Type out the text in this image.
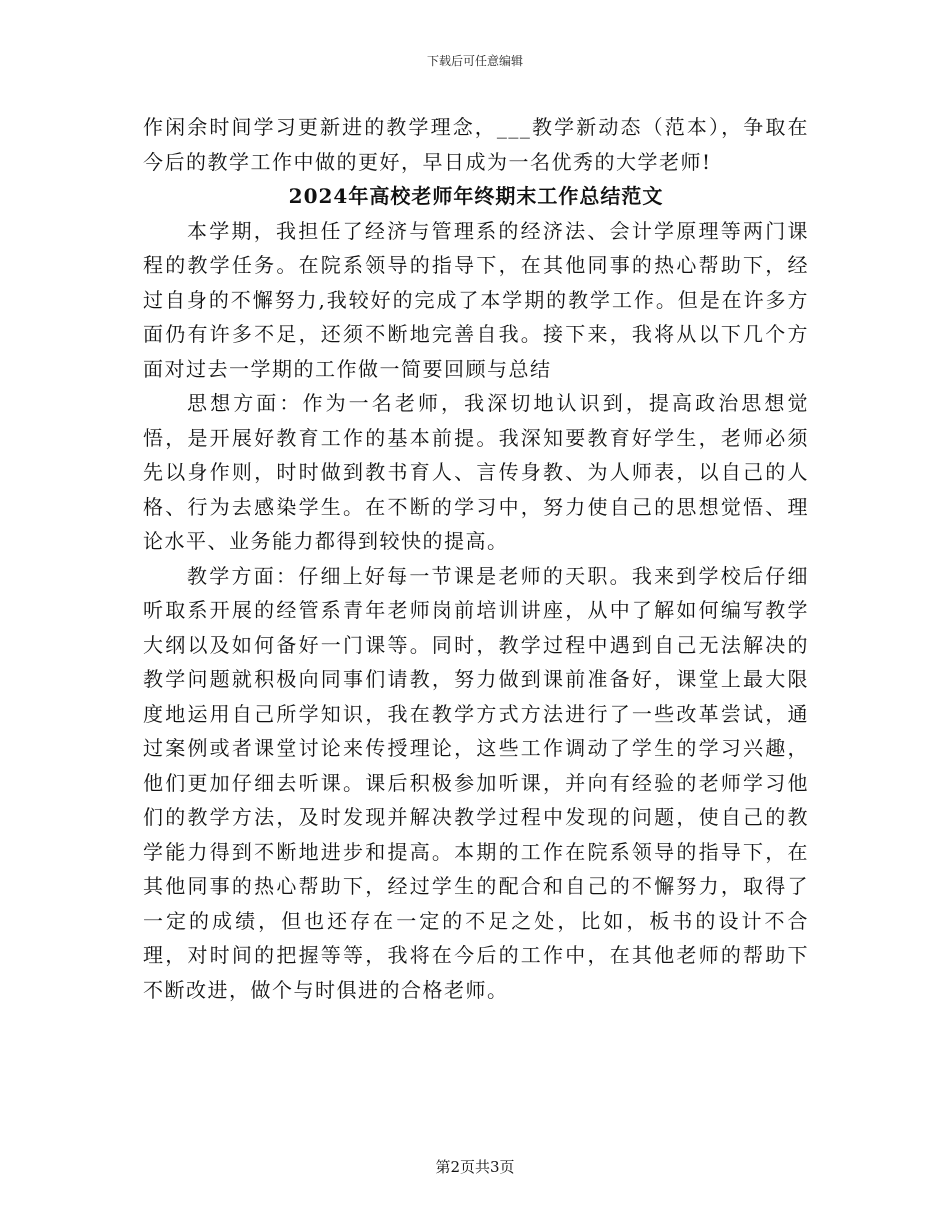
下载后可任意编辑

作闲余时间学习更新进的教学理念，___教学新动态（范本），争取在今后的教学工作中做的更好，早日成为一名优秀的大学老师!

2024年高校老师年终期末工作总结范文

本学期，我担任了经济与管理系的经济法、会计学原理等两门课程的教学任务。在院系领导的指导下，在其他同事的热心帮助下，经过自身的不懈努力,我较好的完成了本学期的教学工作。但是在许多方面仍有许多不足，还须不断地完善自我。接下来，我将从以下几个方面对过去一学期的工作做一简要回顾与总结

思想方面：作为一名老师，我深切地认识到，提高政治思想觉悟，是开展好教育工作的基本前提。我深知要教育好学生，老师必须先以身作则，时时做到教书育人、言传身教、为人师表，以自己的人格、行为去感染学生。在不断的学习中，努力使自己的思想觉悟、理论水平、业务能力都得到较快的提高。

教学方面：仔细上好每一节课是老师的天职。我来到学校后仔细听取系开展的经管系青年老师岗前培训讲座，从中了解如何编写教学大纲以及如何备好一门课等。同时，教学过程中遇到自己无法解决的教学问题就积极向同事们请教，努力做到课前准备好，课堂上最大限度地运用自己所学知识，我在教学方式方法进行了一些改革尝试，通过案例或者课堂讨论来传授理论，这些工作调动了学生的学习兴趣，他们更加仔细去听课。课后积极参加听课，并向有经验的老师学习他们的教学方法，及时发现并解决教学过程中发现的问题，使自己的教学能力得到不断地进步和提高。本期的工作在院系领导的指导下，在其他同事的热心帮助下，经过学生的配合和自己的不懈努力，取得了一定的成绩，但也还存在一定的不足之处，比如，板书的设计不合理，对时间的把握等等，我将在今后的工作中，在其他老师的帮助下不断改进，做个与时俱进的合格老师。

第2页共3页
